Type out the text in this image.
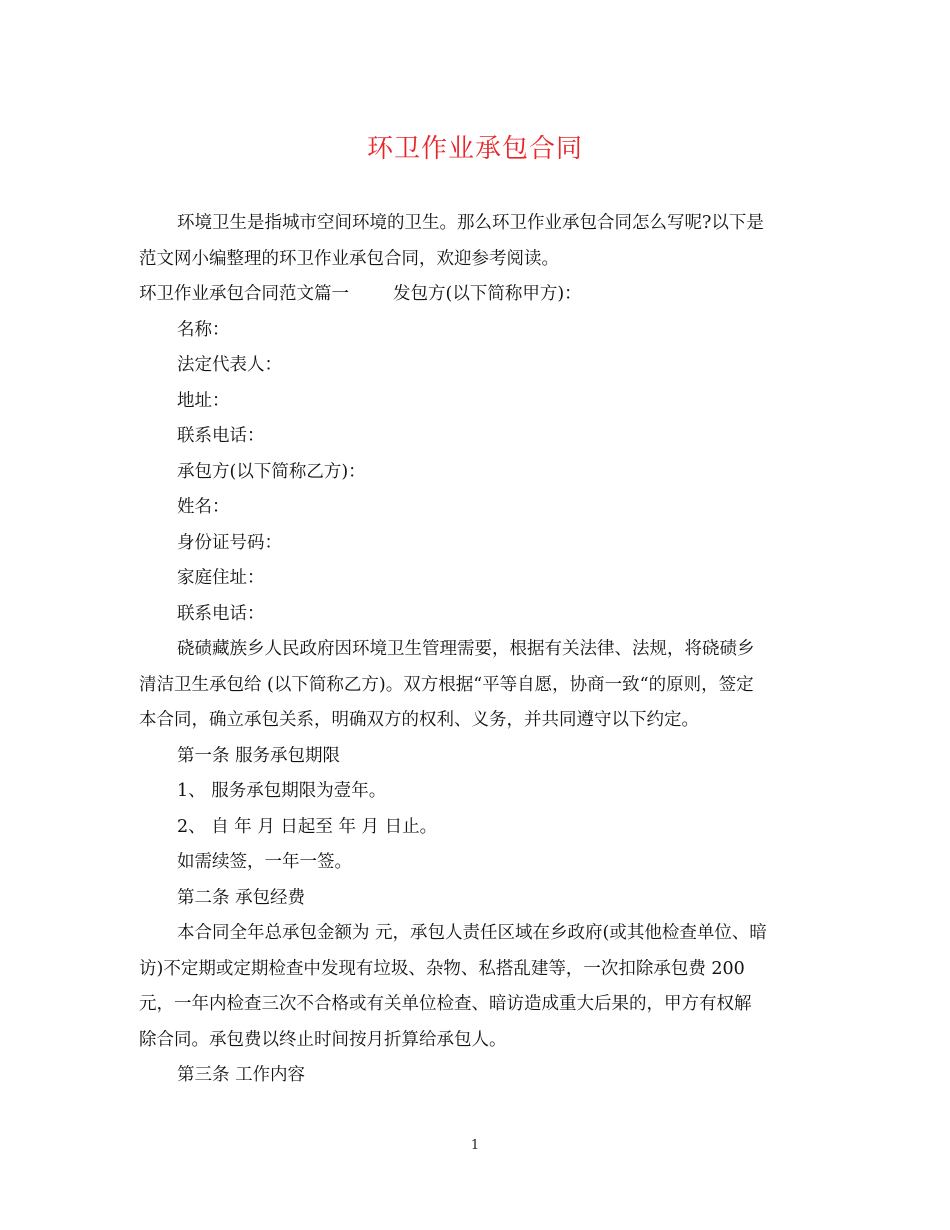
环卫作业承包合同

环境卫生是指城市空间环境的卫生。那么环卫作业承包合同怎么写呢?以下是

范文网小编整理的环卫作业承包合同，欢迎参考阅读。

环卫作业承包合同范文篇一	发包方(以下简称甲方)：

名称：

法定代表人：

地址：

联系电话：

承包方(以下简称乙方)：

姓名：

身份证号码：

家庭住址：

联系电话：

硗碛藏族乡人民政府因环境卫生管理需要，根据有关法律、法规，将硗碛乡

清洁卫生承包给 (以下简称乙方)。双方根据“平等自愿，协商一致“的原则，签定

本合同，确立承包关系，明确双方的权利、义务，并共同遵守以下约定。

第一条 服务承包期限

1、 服务承包期限为壹年。

2、 自 年 月 日起至 年 月 日止。

如需续签，一年一签。

第二条 承包经费

本合同全年总承包金额为 元，承包人责任区域在乡政府(或其他检查单位、暗

访)不定期或定期检查中发现有垃圾、杂物、私搭乱建等，一次扣除承包费 200

元，一年内检查三次不合格或有关单位检查、暗访造成重大后果的，甲方有权解

除合同。承包费以终止时间按月折算给承包人。

第三条 工作内容

1
